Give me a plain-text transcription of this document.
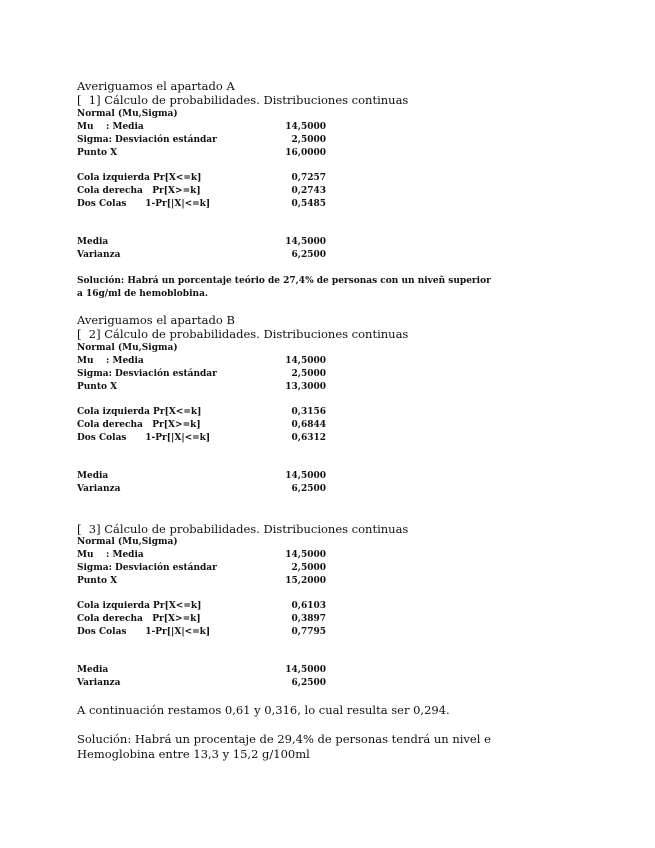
Averiguamos el apartado A
[  1] Cálculo de probabilidades. Distribuciones continuas
Normal (Mu,Sigma)
Mu    : Media	14,5000
Sigma: Desviación estándar	2,5000
Punto X	16,0000
Cola izquierda Pr[X<=k]	0,7257
Cola derecha   Pr[X>=k]	0,2743
Dos Colas      1-Pr[|X|<=k]	0,5485
Media	14,5000
Varianza	6,2500
Solución: Habrá un porcentaje teório de 27,4% de personas con un niveñ superior
a 16g/ml de hemoblobina.
Averiguamos el apartado B
[  2] Cálculo de probabilidades. Distribuciones continuas
Normal (Mu,Sigma)
Mu    : Media	14,5000
Sigma: Desviación estándar	2,5000
Punto X	13,3000
Cola izquierda Pr[X<=k]	0,3156
Cola derecha   Pr[X>=k]	0,6844
Dos Colas      1-Pr[|X|<=k]	0,6312
Media	14,5000
Varianza	6,2500
[  3] Cálculo de probabilidades. Distribuciones continuas
Normal (Mu,Sigma)
Mu    : Media	14,5000
Sigma: Desviación estándar	2,5000
Punto X	15,2000
Cola izquierda Pr[X<=k]	0,6103
Cola derecha   Pr[X>=k]	0,3897
Dos Colas      1-Pr[|X|<=k]	0,7795
Media	14,5000
Varianza	6,2500
A continuación restamos 0,61 y 0,316, lo cual resulta ser 0,294.
Solución: Habrá un procentaje de 29,4% de personas tendrá un nivel e
Hemoglobina entre 13,3 y 15,2 g/100ml
